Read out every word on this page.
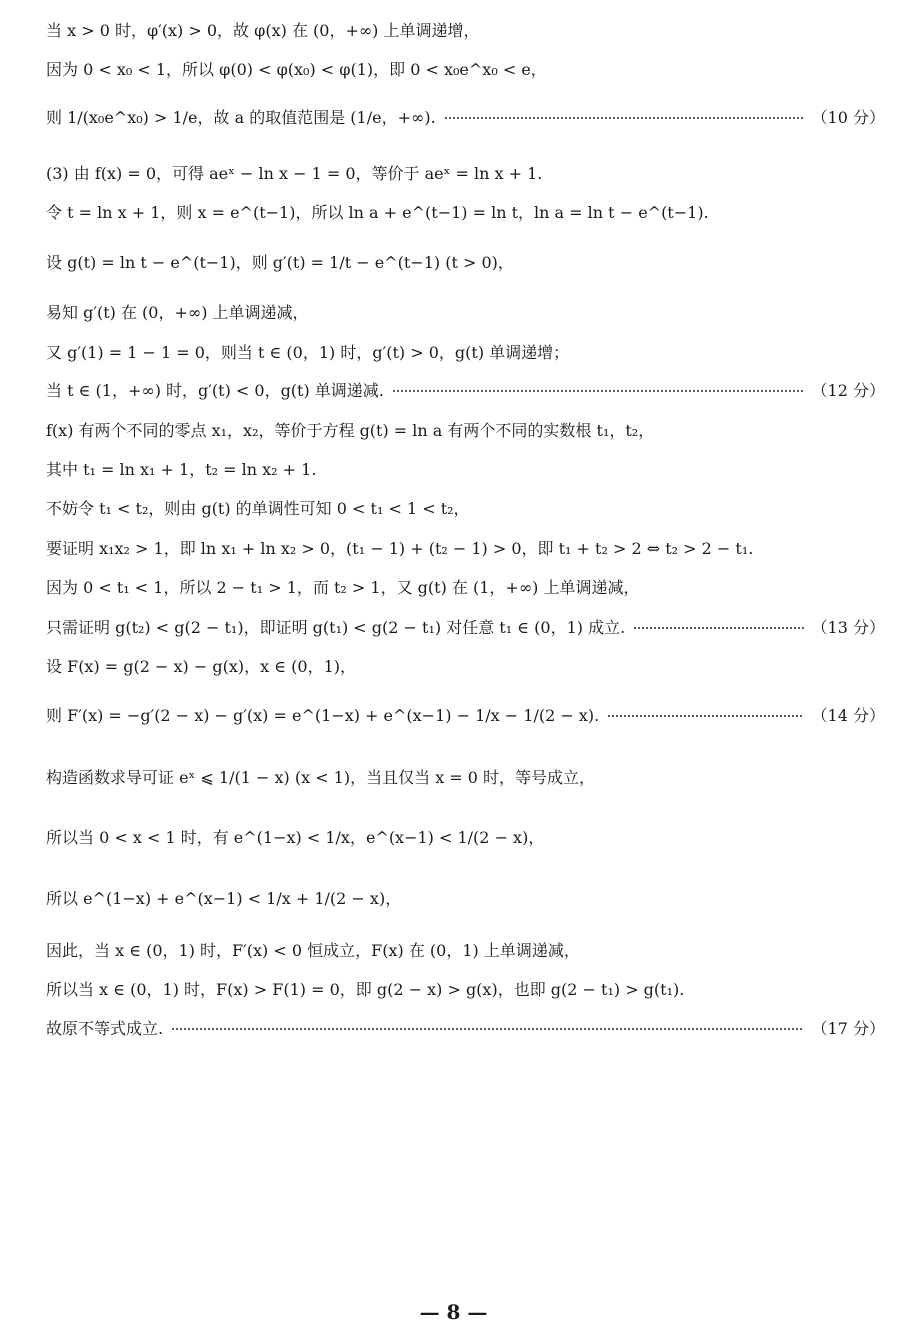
当 x > 0 时，φ′(x) > 0，故 φ(x) 在 (0，+∞) 上单调递增，
因为 0 < x₀ < 1，所以 φ(0) < φ(x₀) < φ(1)，即 0 < x₀e^x₀ < e，
则 1/(x₀e^x₀) > 1/e，故 a 的取值范围是 (1/e，+∞).	（10 分）
(3) 由 f(x) = 0，可得 aeˣ − ln x − 1 = 0，等价于 aeˣ = ln x + 1.
令 t = ln x + 1，则 x = e^(t−1)，所以 ln a + e^(t−1) = ln t，ln a = ln t − e^(t−1).
设 g(t) = ln t − e^(t−1)，则 g′(t) = 1/t − e^(t−1) (t > 0)，
易知 g′(t) 在 (0，+∞) 上单调递减，
又 g′(1) = 1 − 1 = 0，则当 t ∈ (0，1) 时，g′(t) > 0，g(t) 单调递增；
当 t ∈ (1，+∞) 时，g′(t) < 0，g(t) 单调递减.	（12 分）
f(x) 有两个不同的零点 x₁，x₂，等价于方程 g(t) = ln a 有两个不同的实数根 t₁，t₂，
其中 t₁ = ln x₁ + 1，t₂ = ln x₂ + 1.
不妨令 t₁ < t₂，则由 g(t) 的单调性可知 0 < t₁ < 1 < t₂，
要证明 x₁x₂ > 1，即 ln x₁ + ln x₂ > 0，(t₁ − 1) + (t₂ − 1) > 0，即 t₁ + t₂ > 2 ⇔ t₂ > 2 − t₁.
因为 0 < t₁ < 1，所以 2 − t₁ > 1，而 t₂ > 1，又 g(t) 在 (1，+∞) 上单调递减，
只需证明 g(t₂) < g(2 − t₁)，即证明 g(t₁) < g(2 − t₁) 对任意 t₁ ∈ (0，1) 成立.	（13 分）
设 F(x) = g(2 − x) − g(x)，x ∈ (0，1)，
则 F′(x) = −g′(2 − x) − g′(x) = e^(1−x) + e^(x−1) − 1/x − 1/(2 − x).	（14 分）
构造函数求导可证 eˣ ⩽ 1/(1 − x) (x < 1)，当且仅当 x = 0 时，等号成立，
所以当 0 < x < 1 时，有 e^(1−x) < 1/x，e^(x−1) < 1/(2 − x)，
所以 e^(1−x) + e^(x−1) < 1/x + 1/(2 − x)，
因此，当 x ∈ (0，1) 时，F′(x) < 0 恒成立，F(x) 在 (0，1) 上单调递减，
所以当 x ∈ (0，1) 时，F(x) > F(1) = 0，即 g(2 − x) > g(x)，也即 g(2 − t₁) > g(t₁).
故原不等式成立.	（17 分）
— 8 —
